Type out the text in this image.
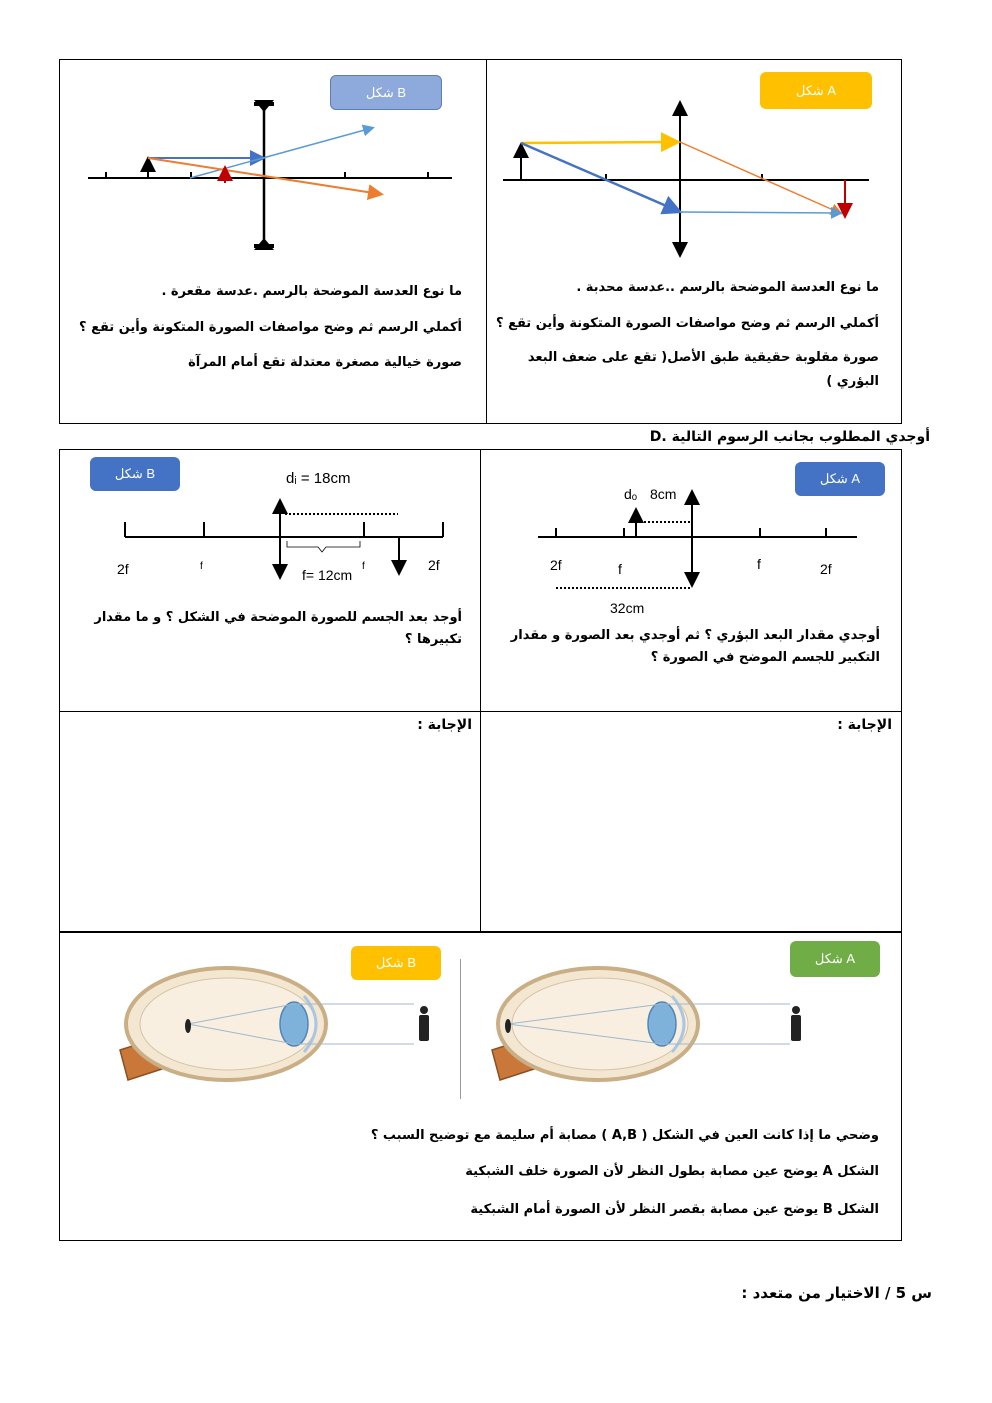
شكل A
ما نوع العدسة الموضحة بالرسم ..عدسة محدبة .
أكملي الرسم ثم وضح مواصفات الصورة المتكونة وأين تقع ؟
صورة مقلوبة حقيقية طبق الأصل( تقع على ضعف البعد
البؤري )
شكل B
ما نوع العدسة الموضحة بالرسم .عدسة مقعرة .
أكملي الرسم ثم وضح مواصفات الصورة المتكونة وأين تقع ؟
صورة خيالية مصغرة معتدلة تقع أمام المرآة
D. أوجدي المطلوب بجانب الرسوم التالية
شكل A
dₒ 8cm
2f	f	f	2f
32cm
أوجدي مقدار البعد البؤري ؟ ثم أوجدي بعد الصورة و مقدار
التكبير للجسم الموضح في الصورة ؟
الإجابة :
شكل B	dᵢ = 18cm
f= 12cm
2f	f	f	2f
أوجد بعد الجسم للصورة الموضحة في الشكل ؟ و ما مقدار
تكبيرها ؟
الإجابة :
شكل A
شكل B
وضحي ما إذا كانت العين في الشكل ( A,B ) مصابة أم سليمة مع توضيح السبب ؟
الشكل A يوضح عين مصابة بطول النظر لأن الصورة خلف الشبكية
الشكل B يوضح عين مصابة بقصر النظر لأن الصورة أمام الشبكية
س 5 / الاختيار من متعدد :
